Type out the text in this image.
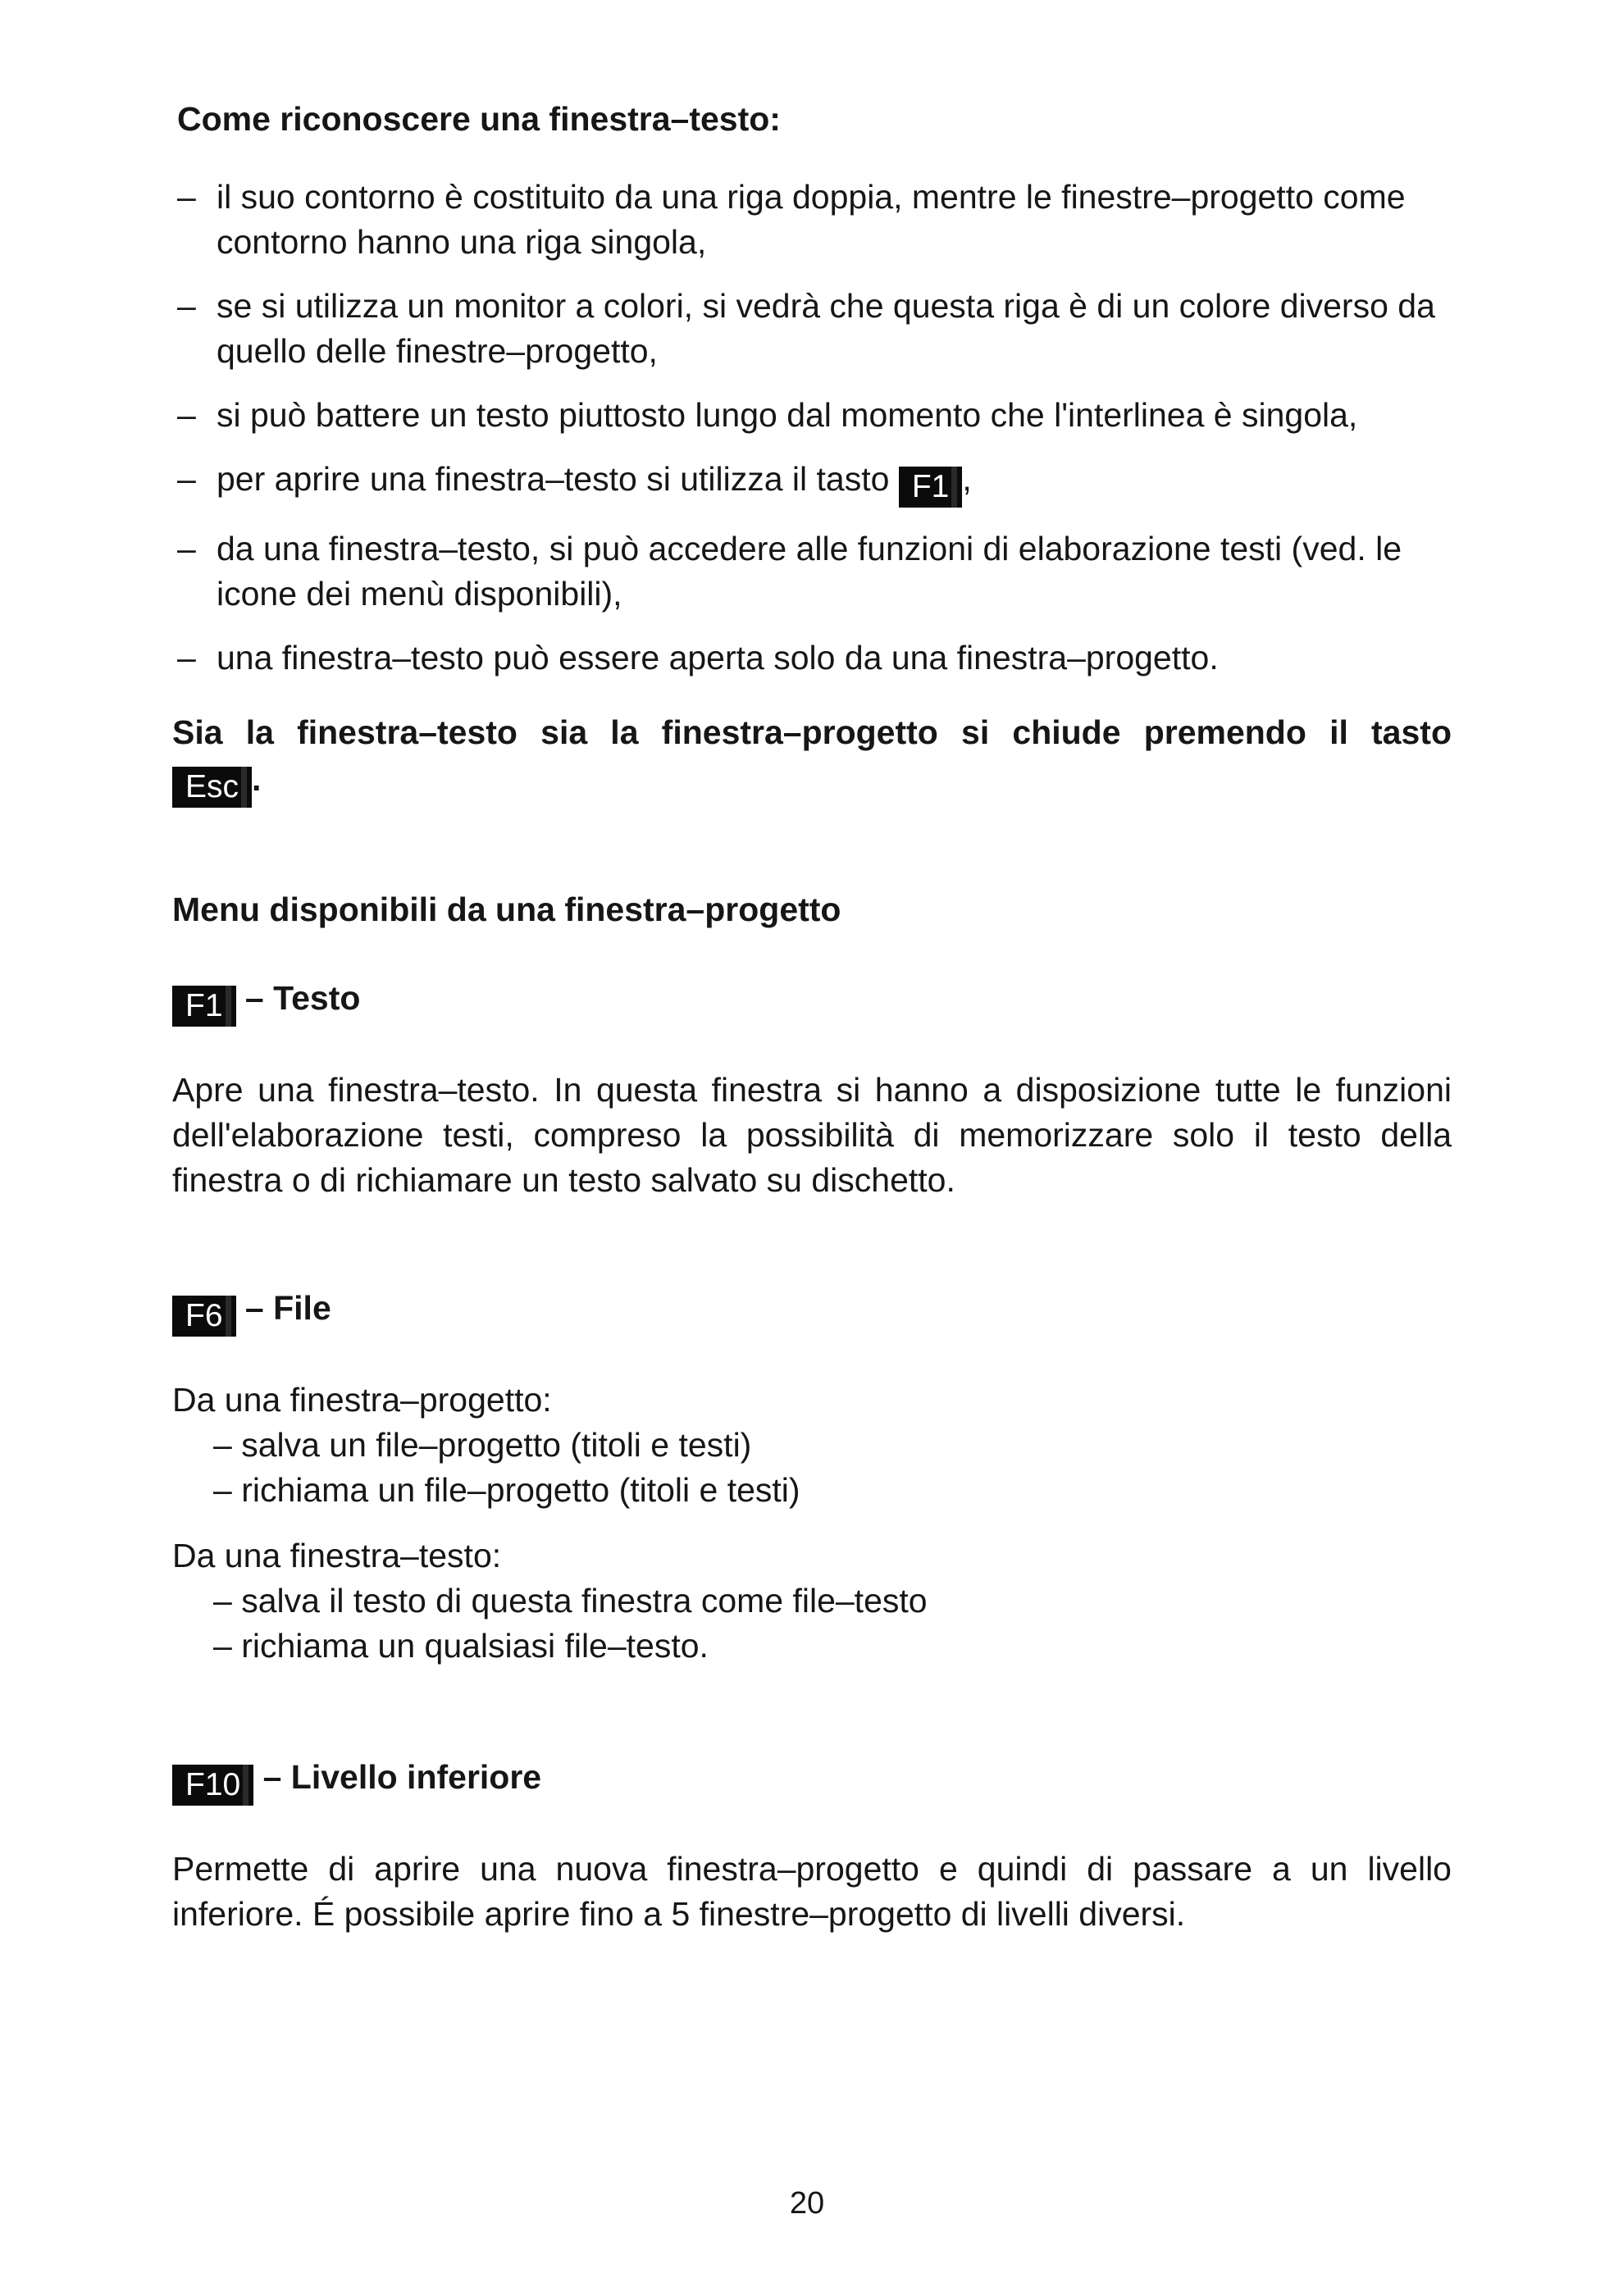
Come riconoscere una finestra–testo:
– il suo contorno è costituito da una riga doppia, mentre le finestre–progetto come contorno hanno una riga singola,
– se si utilizza un monitor a colori, si vedrà che questa riga è di un colore diverso da quello delle finestre–progetto,
– si può battere un testo piuttosto lungo dal momento che l'interlinea è singola,
– per aprire una finestra–testo si utilizza il tasto F1 ,
– da una finestra–testo, si può accedere alle funzioni di elaborazione testi (ved. le icone dei menù disponibili),
– una finestra–testo può essere aperta solo da una finestra–progetto.
Sia la finestra–testo sia la finestra–progetto si chiude premendo il tasto
Esc .
Menu disponibili da una finestra–progetto
F1 – Testo
Apre una finestra–testo. In questa finestra si hanno a disposizione tutte le funzioni dell'elaborazione testi, compreso la possibilità di memorizzare solo il testo della finestra o di richiamare un testo salvato su dischetto.
F6 – File
Da una finestra–progetto:
– salva un file–progetto (titoli e testi)
– richiama un file–progetto (titoli e testi)
Da una finestra–testo:
– salva il testo di questa finestra come file–testo
– richiama un qualsiasi file–testo.
F10 – Livello inferiore
Permette di aprire una nuova finestra–progetto e quindi di passare a un livello inferiore. É possibile aprire fino a 5 finestre–progetto di livelli diversi.
20
